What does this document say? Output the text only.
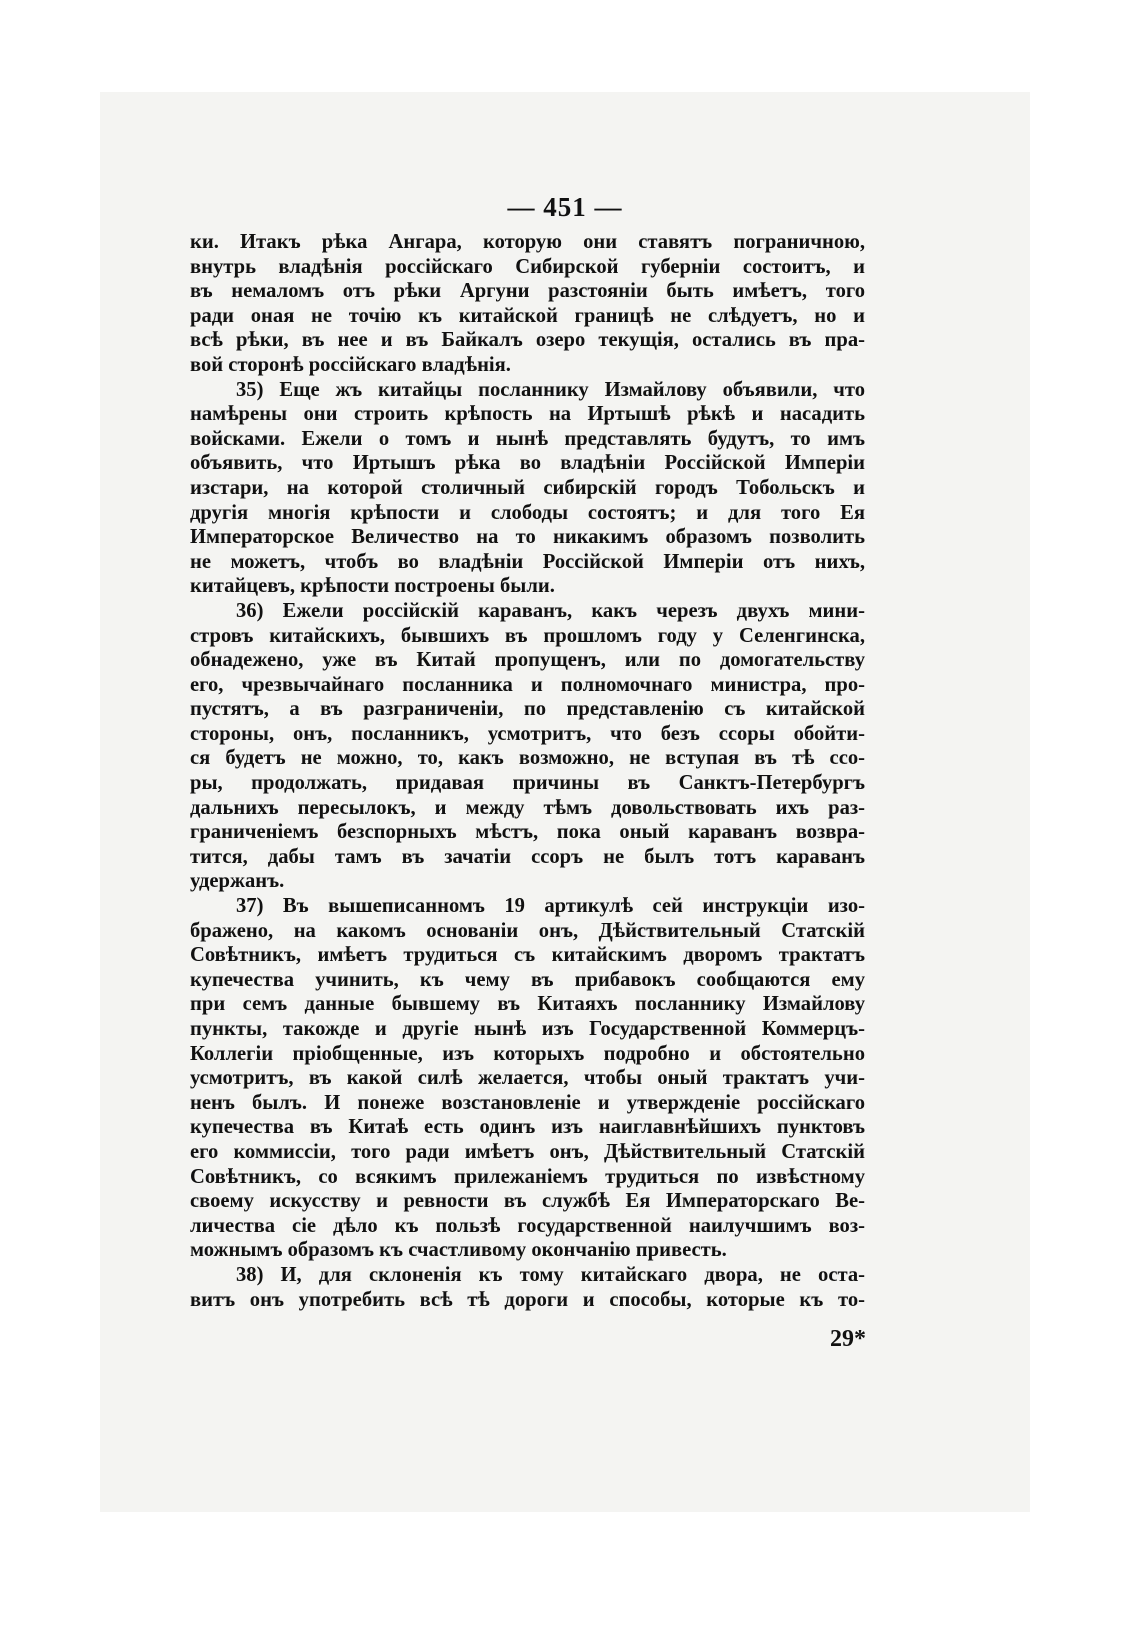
— 451 —
ки. Итакъ рѣка Ангара, которую они ставятъ пограничною,
внутрь владѣнія россійскаго Сибирской губерніи состоитъ, и
въ немаломъ отъ рѣки Аргуни разстояніи быть имѣетъ, того
ради оная не точію къ китайской границѣ не слѣдуетъ, но и
всѣ рѣки, въ нее и въ Байкалъ озеро текущія, остались въ пра-
вой сторонѣ россійскаго владѣнія.
35) Еще жъ китайцы посланнику Измайлову объявили, что
намѣрены они строить крѣпость на Иртышѣ рѣкѣ и насадить
войсками. Ежели о томъ и нынѣ представлять будутъ, то имъ
объявить, что Иртышъ рѣка во владѣніи Россійской Имперіи
изстари, на которой столичный сибирскій городъ Тобольскъ и
другія многія крѣпости и слободы состоятъ; и для того Ея
Императорское Величество на то никакимъ образомъ позволить
не можетъ, чтобъ во владѣніи Россійской Имперіи отъ нихъ,
китайцевъ, крѣпости построены были.
36) Ежели россійскій караванъ, какъ черезъ двухъ мини-
стровъ китайскихъ, бывшихъ въ прошломъ году у Селенгинска,
обнадежено, уже въ Китай пропущенъ, или по домогательству
его, чрезвычайнаго посланника и полномочнаго министра, про-
пустятъ, а въ разграниченіи, по представленію съ китайской
стороны, онъ, посланникъ, усмотритъ, что безъ ссоры обойти-
ся будетъ не можно, то, какъ возможно, не вступая въ тѣ ссо-
ры, продолжать, придавая причины въ Санктъ-Петербургъ
дальнихъ пересылокъ, и между тѣмъ довольствовать ихъ раз-
граниченіемъ безспорныхъ мѣстъ, пока оный караванъ возвра-
тится, дабы тамъ въ зачатіи ссоръ не былъ тотъ караванъ
удержанъ.
37) Въ вышеписанномъ 19 артикулѣ сей инструкціи изо-
бражено, на какомъ основаніи онъ, Дѣйствительный Статскій
Совѣтникъ, имѣетъ трудиться съ китайскимъ дворомъ трактатъ
купечества учинить, къ чему въ прибавокъ сообщаются ему
при семъ данные бывшему въ Китаяхъ посланнику Измайлову
пункты, такожде и другіе нынѣ изъ Государственной Коммерцъ-
Коллегіи пріобщенные, изъ которыхъ подробно и обстоятельно
усмотритъ, въ какой силѣ желается, чтобы оный трактатъ учи-
ненъ былъ. И понеже возстановленіе и утвержденіе россійскаго
купечества въ Китаѣ есть одинъ изъ наиглавнѣйшихъ пунктовъ
его коммиссіи, того ради имѣетъ онъ, Дѣйствительный Статскій
Совѣтникъ, со всякимъ прилежаніемъ трудиться по извѣстному
своему искусству и ревности въ службѣ Ея Императорскаго Ве-
личества сіе дѣло къ пользѣ государственной наилучшимъ воз-
можнымъ образомъ къ счастливому окончанію привесть.
38) И, для склоненія къ тому китайскаго двора, не оста-
витъ онъ употребить всѣ тѣ дороги и способы, которые къ то-
29*
